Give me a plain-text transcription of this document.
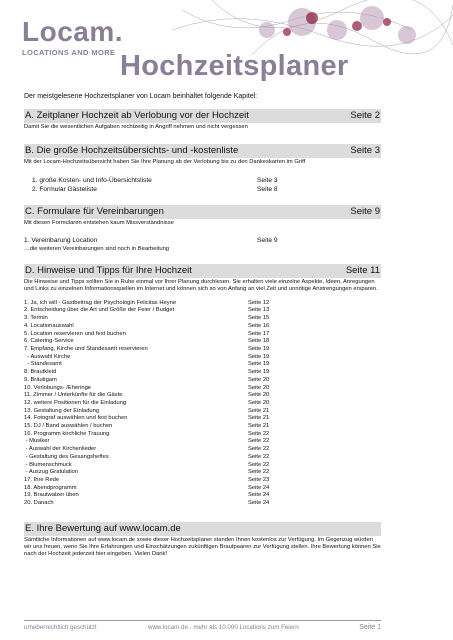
Locam.
LOCATIONS AND MORE Hochzeitsplaner

Der meistgelesene Hochzeitsplaner von Locam beinhaltet folgende Kapitel:

A. Zeitplaner Hochzeit ab Verlobung vor der Hochzeit	Seite 2

Damit Sie die wesentlichen Aufgaben rechtzeitig in Angriff nehmen und nicht vergessen

B. Die große Hochzeitsübersichts- und -kostenliste	Seite 3

Mit der Locam-Hochzeitsübersicht haben Sie Ihre Planung ab der Verlobung bis zu den Dankeskarten im Griff

1. große Kosten- und Info-Übersichtsliste	Seite 3
2. Formular Gästeliste	Seite 8
C. Formulare für Vereinbarungen	Seite 9

Mit diesen Formularen entstehen kaum Missverständnisse

1. Vereinbarung Location	Seite 9

…die weiteren Vereinbarungen sind noch in Bearbeitung

D. Hinweise und Tipps für Ihre Hochzeit	Seite 11

Die Hinweise und Tipps sollten Sie in Ruhe einmal vor Ihrer Planung durchlesen. Sie erhalten viele einzelne Aspekte, Ideen, Anregungen und Links zu einzelnen Informationsquellen im Internet und können sich so von Anfang an viel Zeit und unnötige Anstrengungen ersparen.

1. Ja, ich will - Gastbeitrag der Psychologin Felicitas Heyne	Seite 12
2. Entscheidung über die Art und Größe der Feier / Budget	Seite 13
3. Termin	Seite 15
4. Locationauswahl	Seite 16
5. Location reservieren und fest buchen	Seite 17
6. Catering-Service	Seite 18
7. Empfang, Kirche und Standesamt reservieren	Seite 19
- Auswahl Kirche	Seite 19
- Standesamt	Seite 19
8. Brautkleid	Seite 19
9. Bräutigam	Seite 20
10. Verlobungs- /Eheringe	Seite 20
11. Zimmer / Unterkünfte für die Gäste	Seite 20
12. weitere Positionen für die Einladung	Seite 20
13. Gestaltung der Einladung	Seite 21
14. Fotograf auswählen und fest buchen	Seite 21
15. DJ / Band auswählen / buchen	Seite 21
16. Programm kirchliche Trauung	Seite 22
- Musiker	Seite 22
- Auswahl der Kirchenlieder	Seite 22
- Gestaltung des Gesangsheftes	Seite 22
- Blumenschmuck	Seite 22
- Auszug Gratulation	Seite 22
17. Ihre Rede	Seite 23
18. Abendprogramm	Seite 24
19. Brautwalzer üben	Seite 24
20. Danach	Seite 24
E. Ihre Bewertung auf www.locam.de

Sämtliche Informationen auf www.locam.de sowie dieser Hochzeitsplaner standen Ihnen kostenlos zur Verfügung. Im Gegenzug würden wir uns freuen, wenn Sie Ihre Erfahrungen und Einschätzungen zukünftigen Brautpaaren zur Verfügung stellen. Ihre Bewertung können Sie nach der Hochzeit jederzeit hier eingeben. Vielen Dank!

urheberrechtlich geschützt	www.locam.de - mehr als 10.000 Locations zum Feiern	Seite 1
